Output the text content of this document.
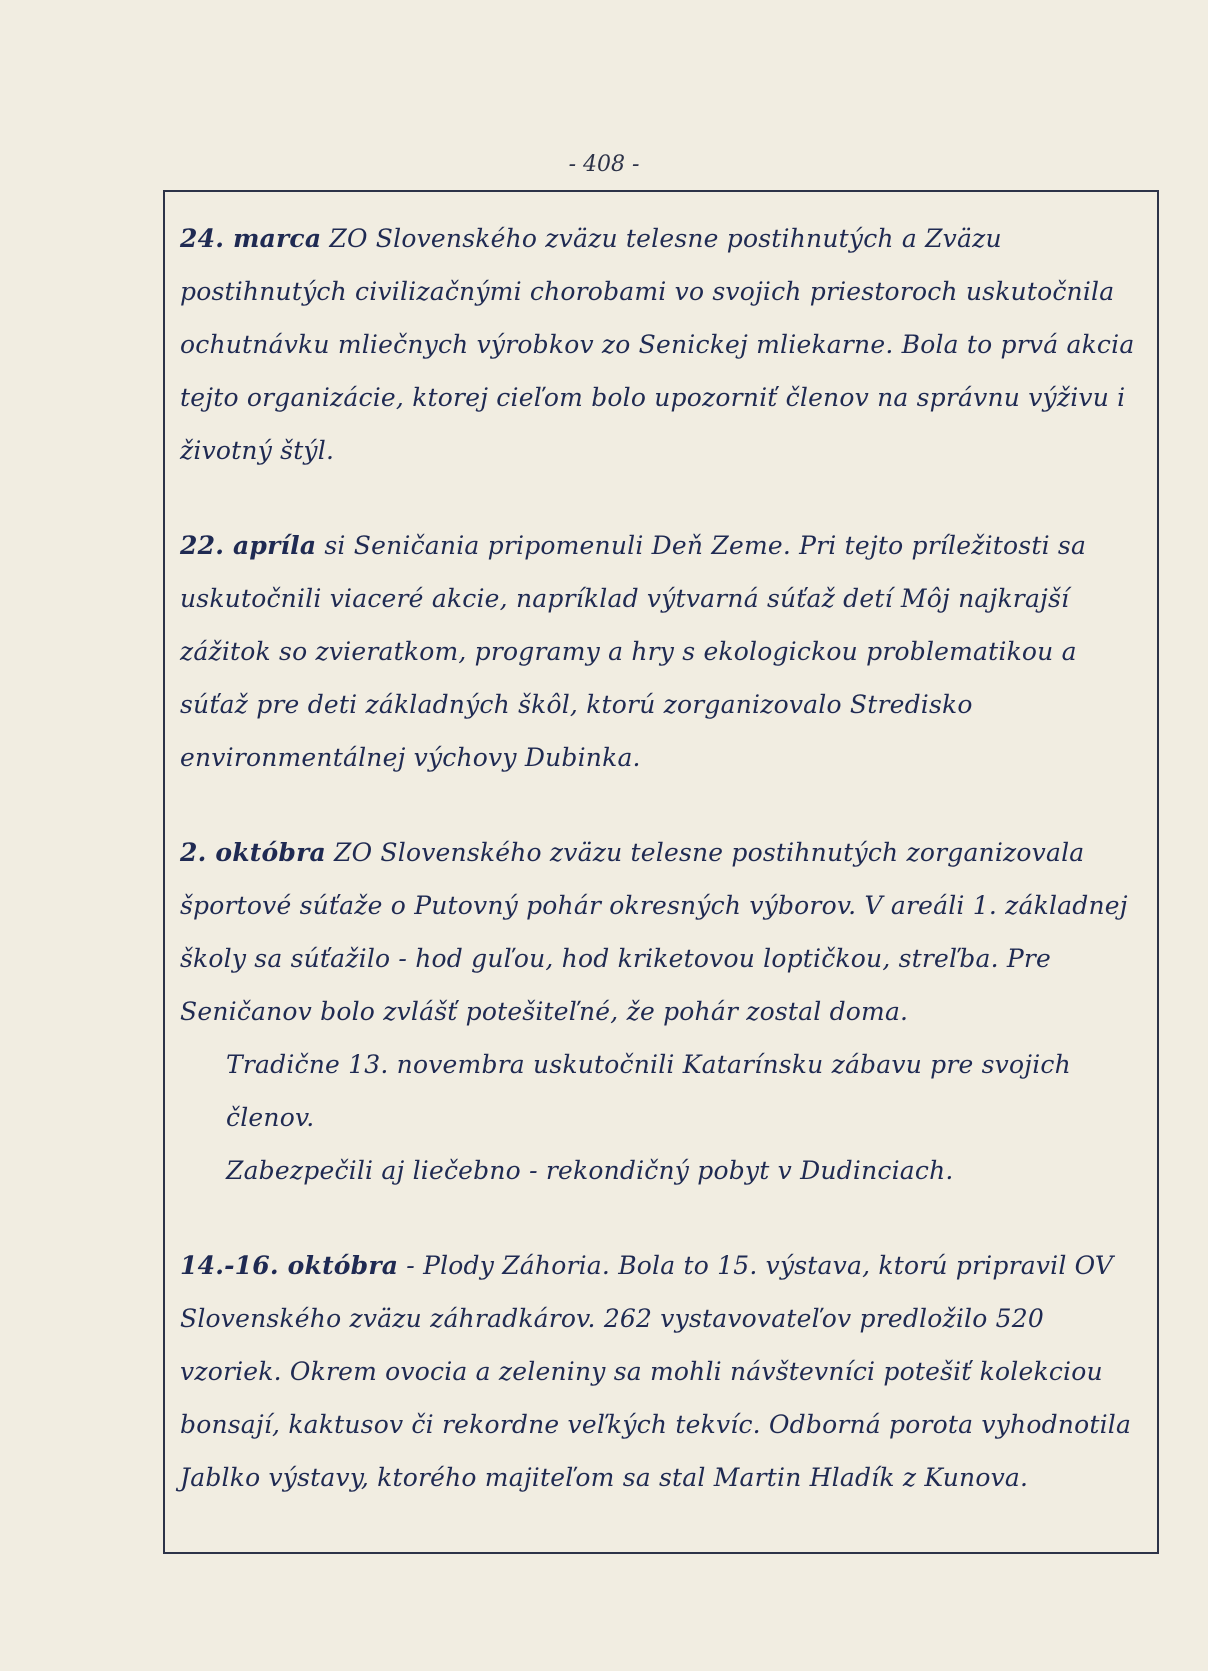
- 408 -

24. marca ZO Slovenského zväzu telesne postihnutých a Zväzu postihnutých civilizačnými chorobami vo svojich priestoroch uskutočnila ochutnávku mliečnych výrobkov zo Senickej mliekarne. Bola to prvá akcia tejto organizácie, ktorej cieľom bolo upozorniť členov na správnu výživu i životný štýl.

22. apríla si Seničania pripomenuli Deň Zeme. Pri tejto príležitosti sa uskutočnili viaceré akcie, napríklad výtvarná súťaž detí Môj najkrajší zážitok so zvieratkom, programy a hry s ekologickou problematikou a súťaž pre deti základných škôl, ktorú zorganizovalo Stredisko environmentálnej výchovy Dubinka.

2. októbra ZO Slovenského zväzu telesne postihnutých zorganizovala športové súťaže o Putovný pohár okresných výborov. V areáli 1. základnej školy sa súťažilo - hod guľou, hod kriketovou loptičkou, streľba. Pre Seničanov bolo zvlášť potešiteľné, že pohár zostal doma.
Tradične 13. novembra uskutočnili Katarínsku zábavu pre svojich členov.
Zabezpečili aj liečebno - rekondičný pobyt v Dudinciach.

14.-16. októbra - Plody Záhoria. Bola to 15. výstava, ktorú pripravil OV Slovenského zväzu záhradkárov. 262 vystavovateľov predložilo 520 vzoriek. Okrem ovocia a zeleniny sa mohli návštevníci potešiť kolekciou bonsají, kaktusov či rekordne veľkých tekvíc. Odborná porota vyhodnotila Jablko výstavy, ktorého majiteľom sa stal Martin Hladík z Kunova.
